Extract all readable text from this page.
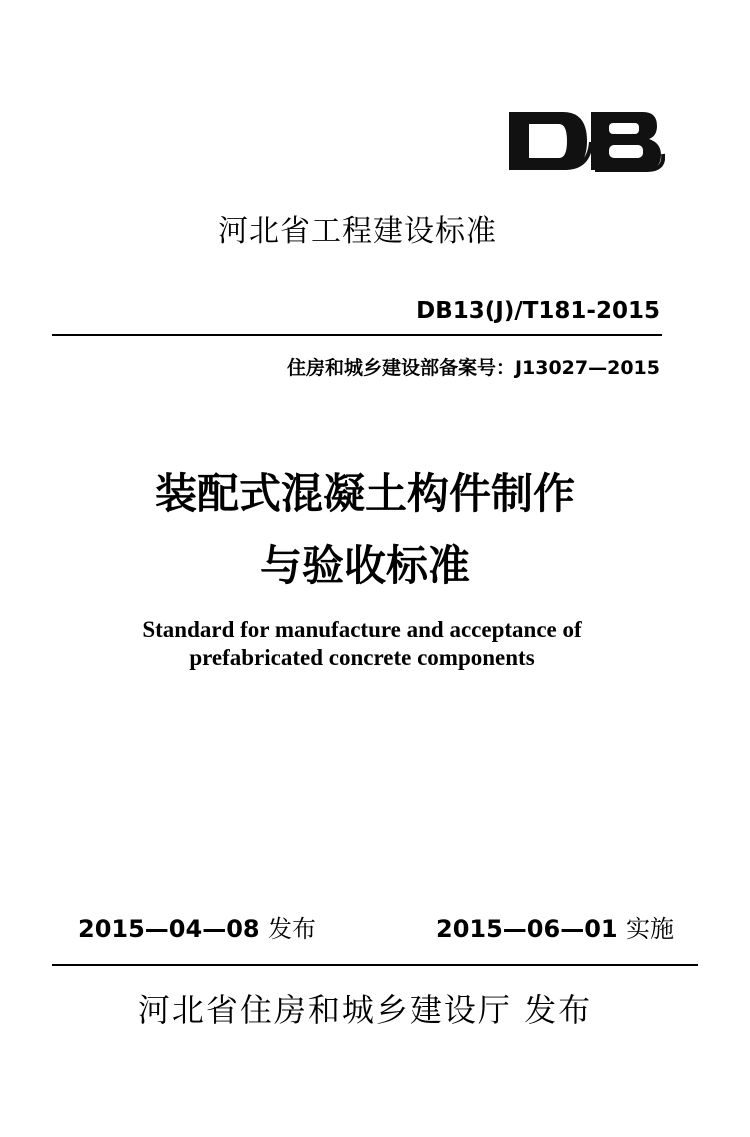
河北省工程建设标准
DB13(J)/T181-2015
住房和城乡建设部备案号：J13027—2015
装配式混凝土构件制作
与验收标准
Standard for manufacture and acceptance of
prefabricated concrete components
2015—04—08 发布	2015—06—01 实施
河北省住房和城乡建设厅 发布
